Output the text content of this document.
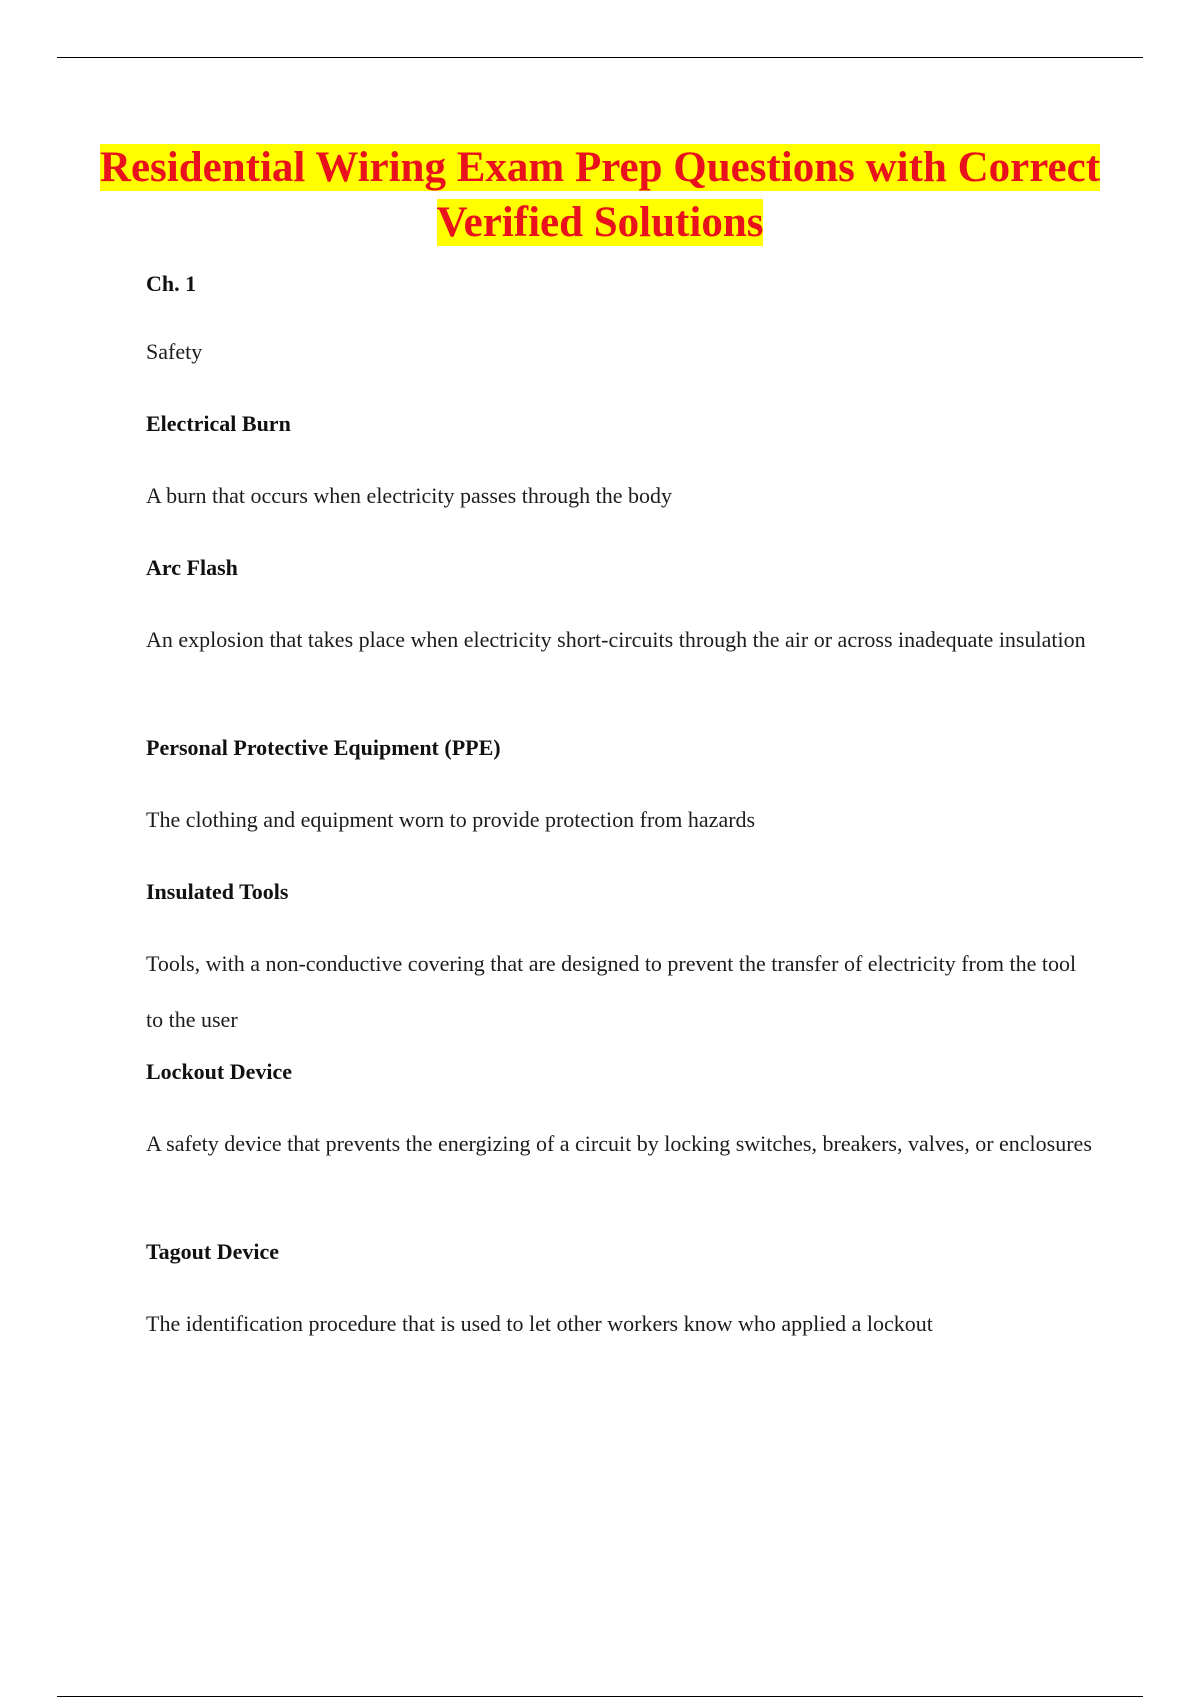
Residential Wiring Exam Prep Questions with Correct Verified Solutions

Ch. 1

Safety

Electrical Burn

A burn that occurs when electricity passes through the body

Arc Flash

An explosion that takes place when electricity short-circuits through the air or across inadequate insulation

Personal Protective Equipment (PPE)

The clothing and equipment worn to provide protection from hazards

Insulated Tools

Tools, with a non-conductive covering that are designed to prevent the transfer of electricity from the tool to the user

Lockout Device

A safety device that prevents the energizing of a circuit by locking switches, breakers, valves, or enclosures

Tagout Device

The identification procedure that is used to let other workers know who applied a lockout
